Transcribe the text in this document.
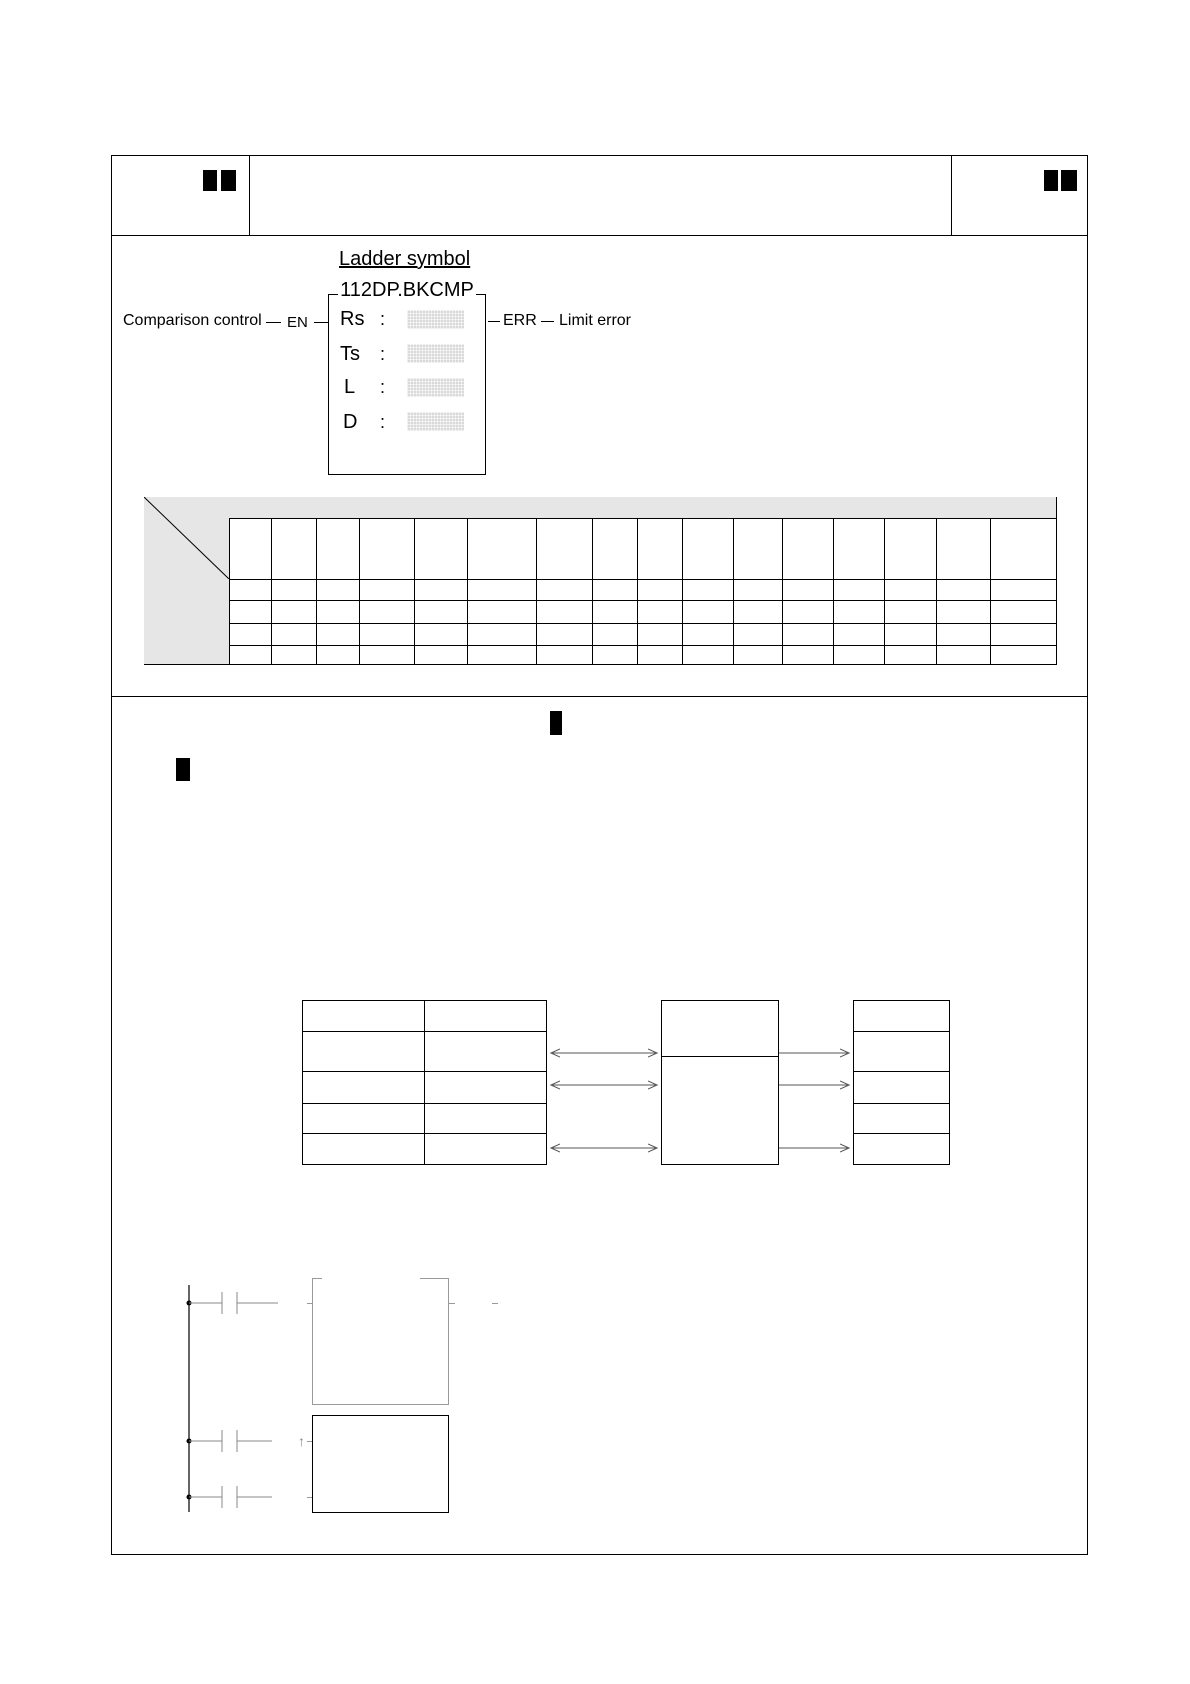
Ladder symbol
112DP.BKCMP
Rs :
Ts :
L :
D :
Comparison control EN	ERR Limit error
↑
